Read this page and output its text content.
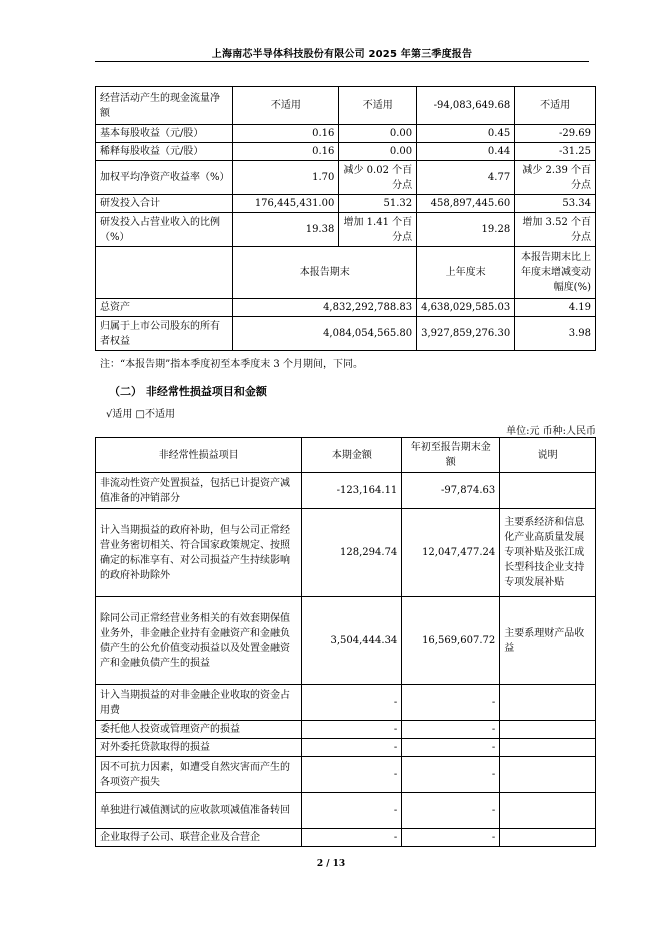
上海南芯半导体科技股份有限公司 2025 年第三季度报告
经营活动产生的现金流量净额	不适用	不适用	-94,083,649.68	不适用
基本每股收益（元/股）	0.16	0.00	0.45	-29.69
稀释每股收益（元/股）	0.16	0.00	0.44	-31.25
加权平均净资产收益率（%）	1.70	减少 0.02 个百分点	4.77	减少 2.39 个百分点
研发投入合计	176,445,431.00	51.32	458,897,445.60	53.34
研发投入占营业收入的比例（%）	19.38	增加 1.41 个百分点	19.28	增加 3.52 个百分点
	本报告期末		上年度末	本报告期末比上年度末增减变动幅度(%)
总资产	4,832,292,788.83		4,638,029,585.03	4.19
归属于上市公司股东的所有者权益	4,084,054,565.80		3,927,859,276.30	3.98
注：“本报告期”指本季度初至本季度末 3 个月期间，下同。
（二） 非经常性损益项目和金额
√适用 □不适用
单位:元 币种:人民币
非经常性损益项目	本期金额	年初至报告期末金额	说明
非流动性资产处置损益，包括已计提资产减值准备的冲销部分	-123,164.11	-97,874.63	
计入当期损益的政府补助，但与公司正常经营业务密切相关、符合国家政策规定、按照确定的标准享有、对公司损益产生持续影响的政府补助除外	128,294.74	12,047,477.24	主要系经济和信息化产业高质量发展专项补贴及张江成长型科技企业支持专项发展补贴
除同公司正常经营业务相关的有效套期保值业务外，非金融企业持有金融资产和金融负债产生的公允价值变动损益以及处置金融资产和金融负债产生的损益	3,504,444.34	16,569,607.72	主要系理财产品收益
计入当期损益的对非金融企业收取的资金占用费	-	-	
委托他人投资或管理资产的损益	-	-	
对外委托贷款取得的损益	-	-	
因不可抗力因素，如遭受自然灾害而产生的各项资产损失	-	-	
单独进行减值测试的应收款项减值准备转回	-	-	
企业取得子公司、联营企业及合营企	-	-	
2 / 13
